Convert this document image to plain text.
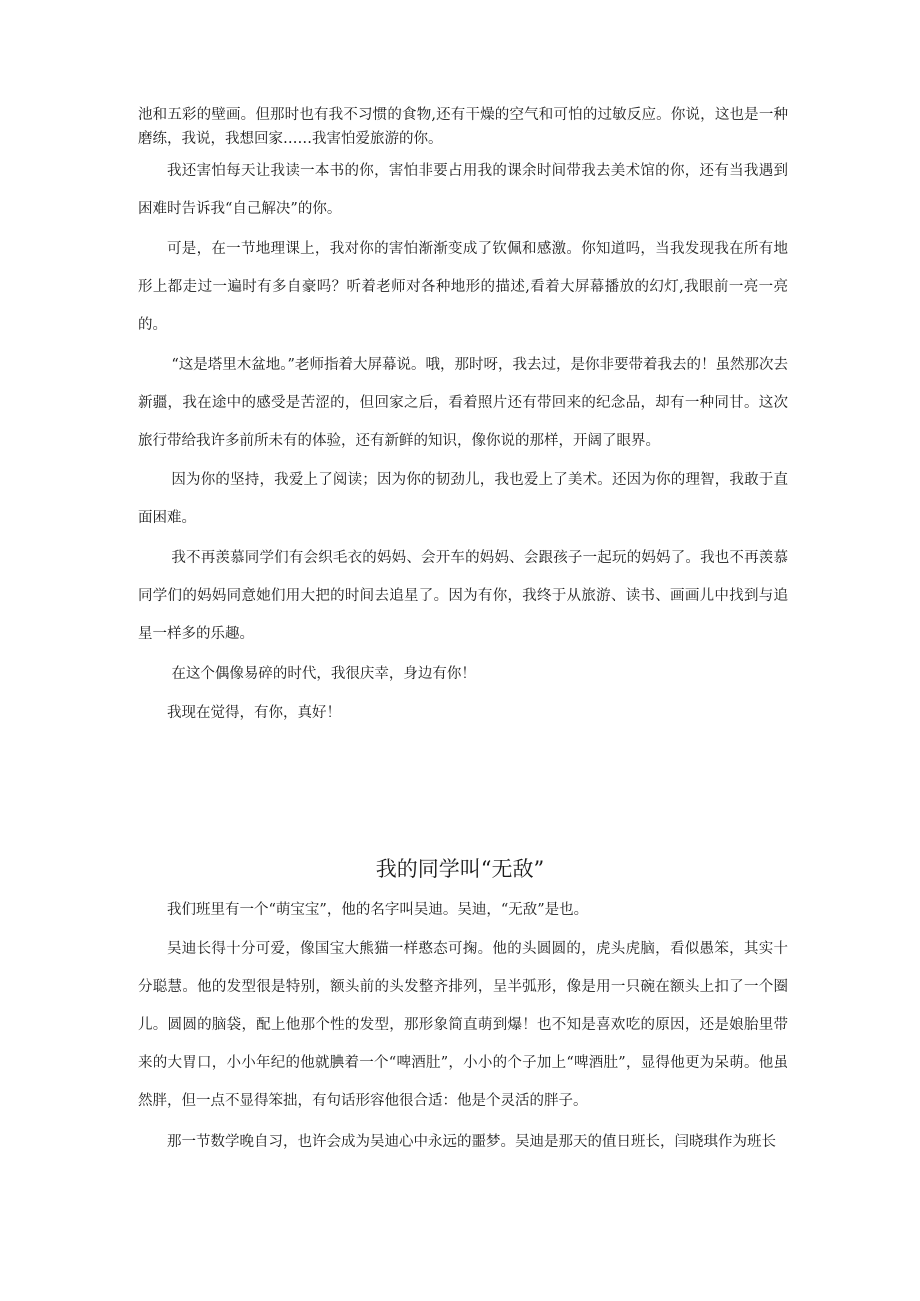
池和五彩的壁画。但那时也有我不习惯的食物,还有干燥的空气和可怕的过敏反应。你说，这也是一种磨练，我说，我想回家……我害怕爱旅游的你。

我还害怕每天让我读一本书的你，害怕非要占用我的课余时间带我去美术馆的你，还有当我遇到困难时告诉我“自己解决”的你。

可是，在一节地理课上，我对你的害怕渐渐变成了钦佩和感激。你知道吗，当我发现我在所有地形上都走过一遍时有多自豪吗？听着老师对各种地形的描述,看着大屏幕播放的幻灯,我眼前一亮一亮的。

“这是塔里木盆地。”老师指着大屏幕说。哦，那时呀，我去过，是你非要带着我去的！虽然那次去新疆，我在途中的感受是苦涩的，但回家之后，看着照片还有带回来的纪念品，却有一种同甘。这次旅行带给我许多前所未有的体验，还有新鲜的知识，像你说的那样，开阔了眼界。

因为你的坚持，我爱上了阅读；因为你的韧劲儿，我也爱上了美术。还因为你的理智，我敢于直面困难。

我不再羡慕同学们有会织毛衣的妈妈、会开车的妈妈、会跟孩子一起玩的妈妈了。我也不再羡慕同学们的妈妈同意她们用大把的时间去追星了。因为有你，我终于从旅游、读书、画画儿中找到与追星一样多的乐趣。

在这个偶像易碎的时代，我很庆幸，身边有你！

我现在觉得，有你，真好！

我的同学叫“无敌”

我们班里有一个“萌宝宝”，他的名字叫吴迪。吴迪，“无敌”是也。

吴迪长得十分可爱，像国宝大熊猫一样憨态可掬。他的头圆圆的，虎头虎脑，看似愚笨，其实十分聪慧。他的发型很是特别，额头前的头发整齐排列，呈半弧形，像是用一只碗在额头上扣了一个圈儿。圆圆的脑袋，配上他那个性的发型，那形象简直萌到爆！也不知是喜欢吃的原因，还是娘胎里带来的大胃口，小小年纪的他就腆着一个“啤酒肚”，小小的个子加上“啤酒肚”，显得他更为呆萌。他虽然胖，但一点不显得笨拙，有句话形容他很合适：他是个灵活的胖子。

那一节数学晚自习，也许会成为吴迪心中永远的噩梦。吴迪是那天的值日班长，闫晓琪作为班长
